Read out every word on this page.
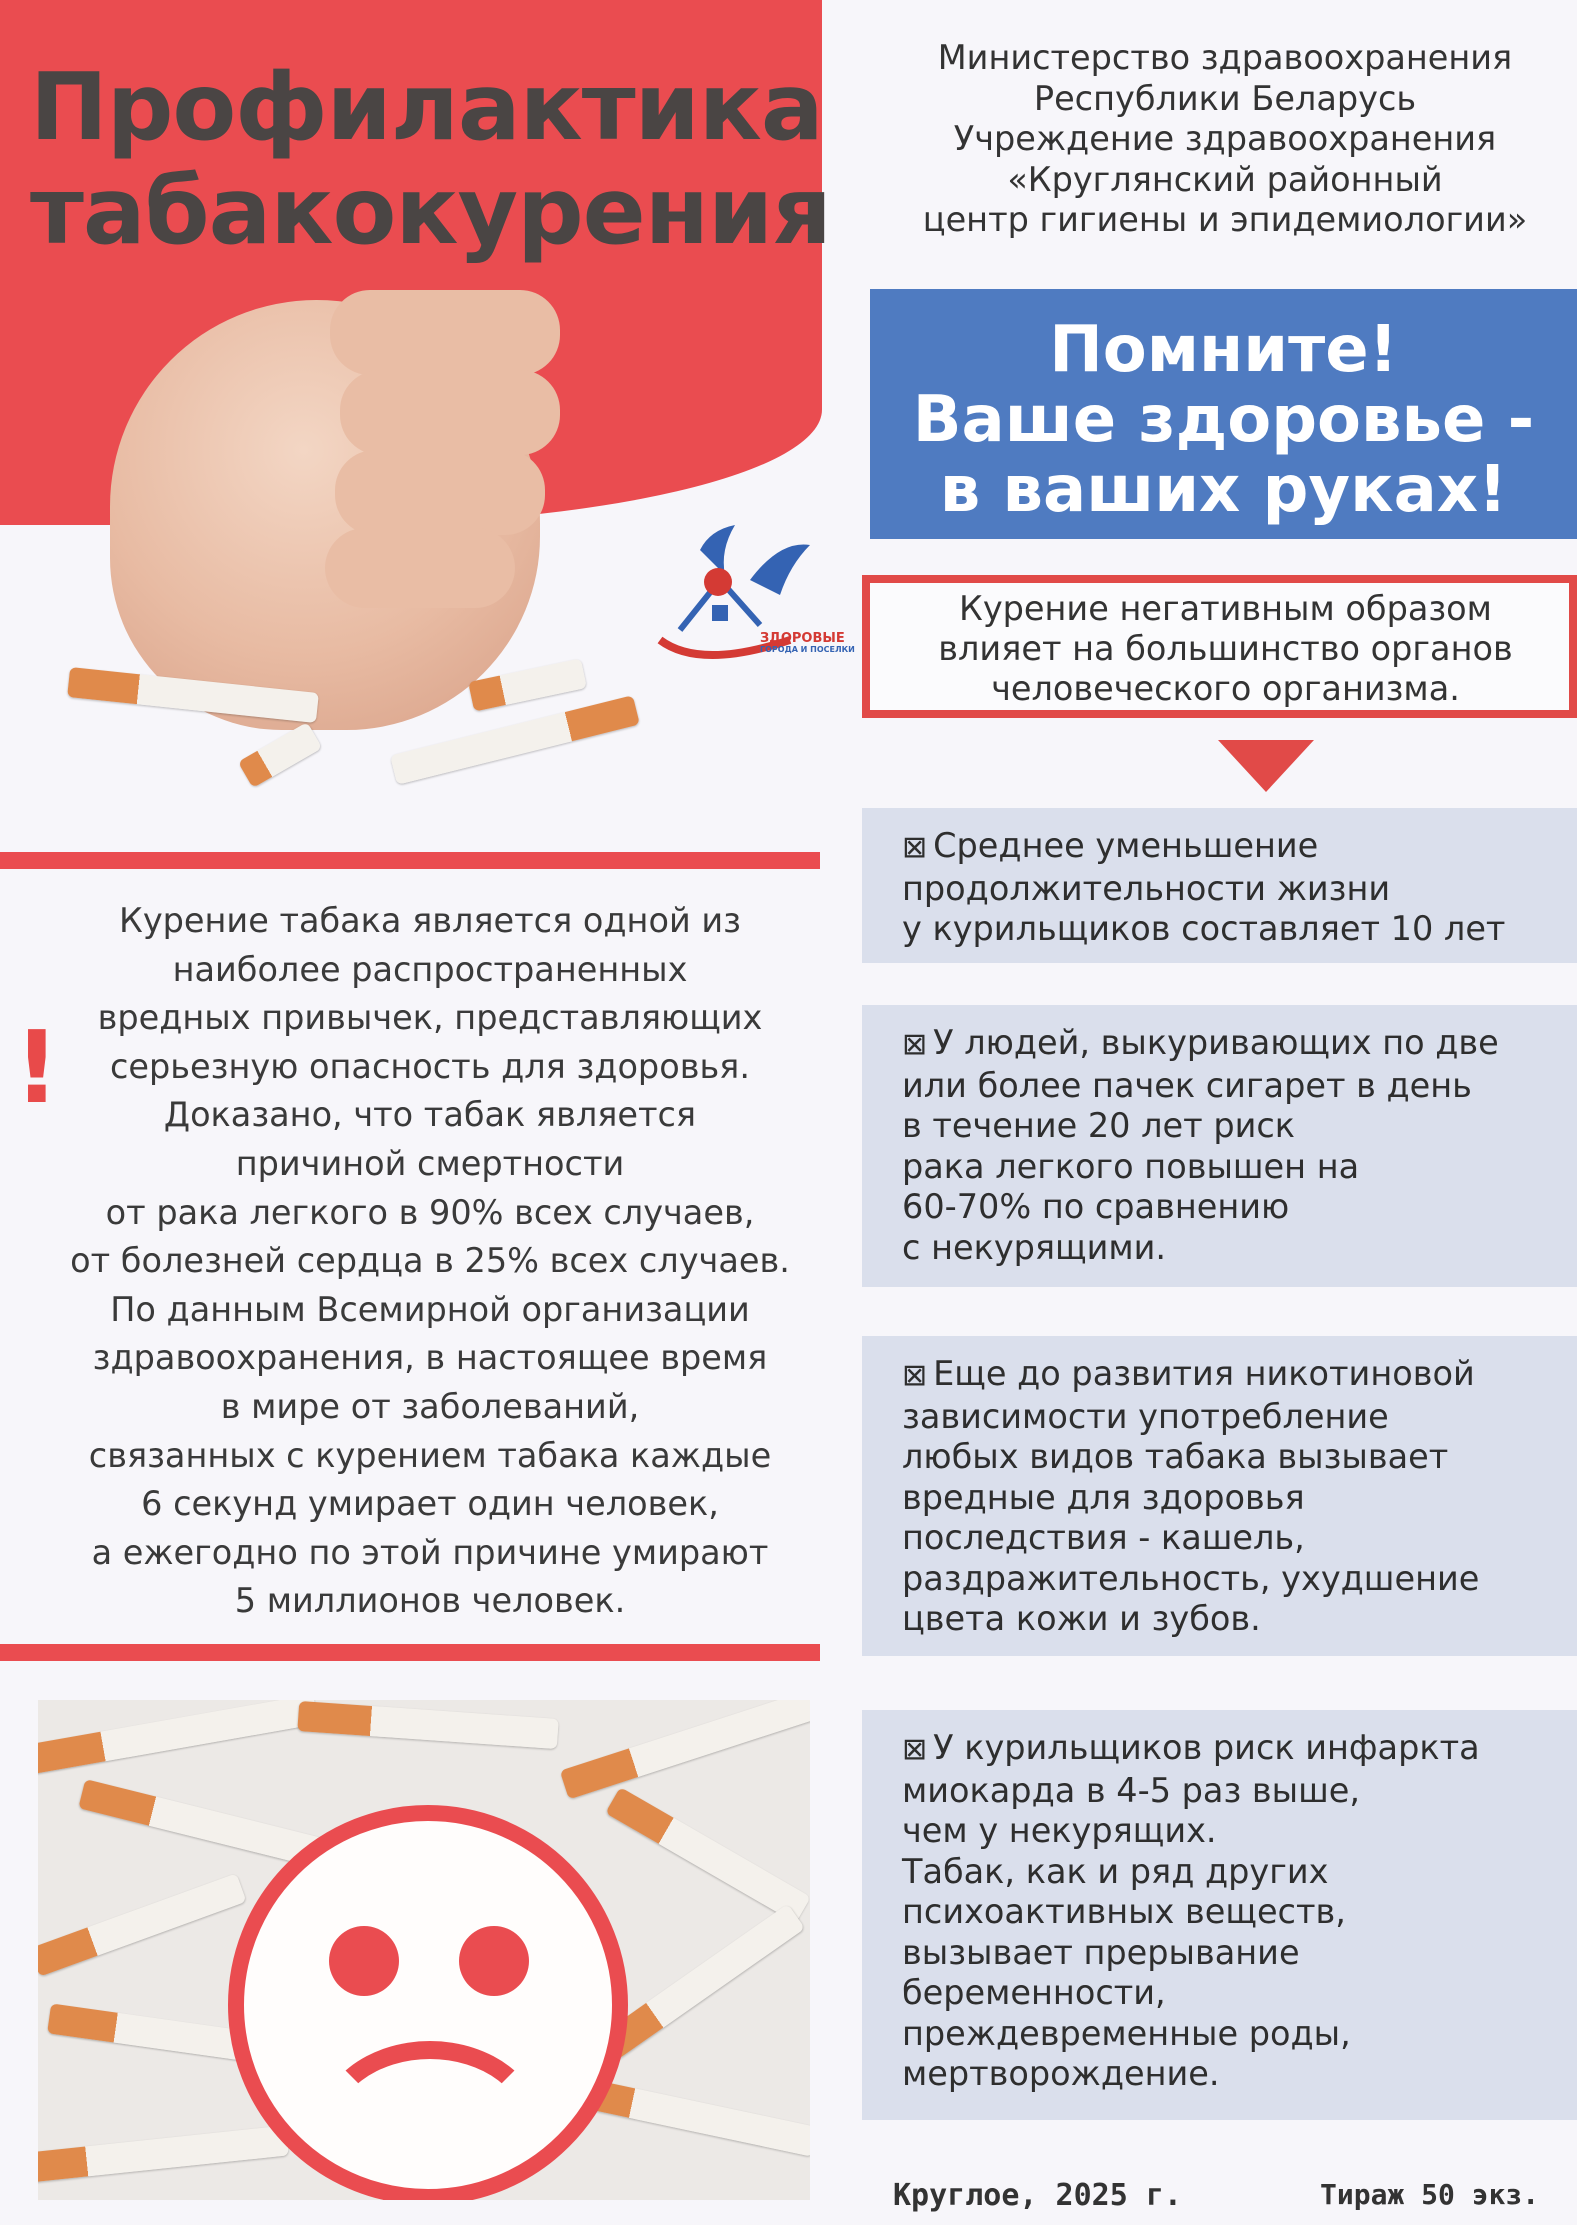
Профилактика
табакокурения
ЗДОРОВЫЕ
ГОРОДА И ПОСЕЛКИ
!
Курение табака является одной из
наиболее распространенных
вредных привычек, представляющих
серьезную опасность для здоровья.
Доказано, что табак является
причиной смертности
от рака легкого в 90% всех случаев,
от болезней сердца в 25% всех случаев.
По данным Всемирной организации
здравоохранения, в настоящее время
в мире от заболеваний,
связанных с курением табака каждые
6 секунд умирает один человек,
а ежегодно по этой причине умирают
5 миллионов человек.
Министерство здравоохранения
Республики Беларусь
Учреждение здравоохранения
«Круглянский районный
центр гигиены и эпидемиологии»
Помните!
Ваше здоровье -
в ваших руках!
Курение негативным образом
влияет на большинство органов
человеческого организма.
⊠ Среднее уменьшение
продолжительности жизни
у курильщиков составляет 10 лет
⊠ У людей, выкуривающих по две
или более пачек сигарет в день
в течение 20 лет риск
рака легкого повышен на
60-70% по сравнению
с некурящими.
⊠ Еще до развития никотиновой
зависимости употребление
любых видов табака вызывает
вредные для здоровья
последствия - кашель,
раздражительность, ухудшение
цвета кожи и зубов.
⊠ У курильщиков риск инфаркта
миокарда в 4-5 раз выше,
чем у некурящих.
Табак, как и ряд других
психоактивных веществ,
вызывает прерывание
беременности,
преждевременные роды,
мертворождение.
Круглое, 2025 г.	Тираж 50 экз.
